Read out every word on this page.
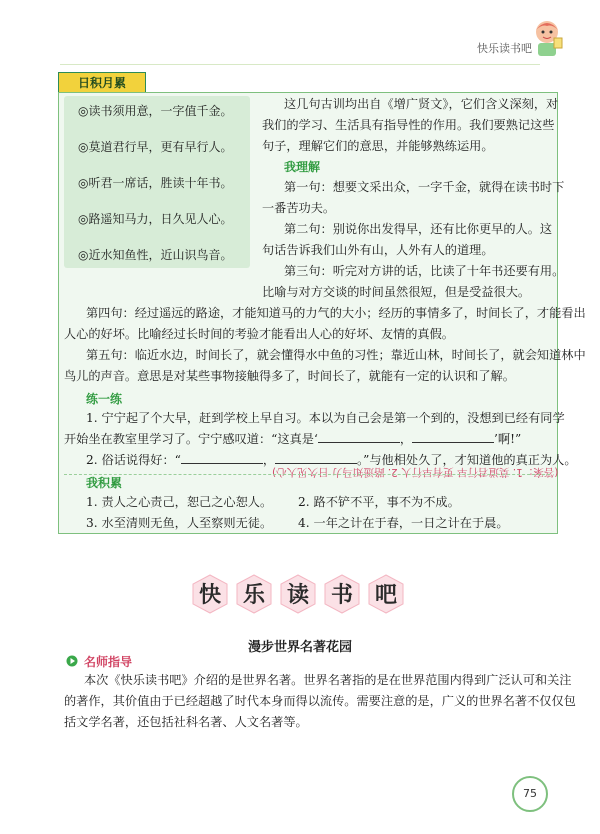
快乐读书吧
日积月累
◎读书须用意，一字值千金。
◎莫道君行早，更有早行人。
◎听君一席话，胜读十年书。
◎路遥知马力，日久见人心。
◎近水知鱼性，近山识鸟音。
这几句古训均出自《增广贤文》，它们含义深刻，对
我们的学习、生活具有指导性的作用。我们要熟记这些
句子，理解它们的意思，并能够熟练运用。
我理解
第一句：想要文采出众，一字千金，就得在读书时下
一番苦功夫。
第二句：别说你出发得早，还有比你更早的人。这
句话告诉我们山外有山，人外有人的道理。
第三句：听完对方讲的话，比读了十年书还要有用。
比喻与对方交谈的时间虽然很短，但是受益很大。
第四句：经过遥远的路途，才能知道马的力气的大小；经历的事情多了，时间长了，才能看出
人心的好坏。比喻经过长时间的考验才能看出人心的好坏、友情的真假。
第五句：临近水边，时间长了，就会懂得水中鱼的习性；靠近山林，时间长了，就会知道林中
鸟儿的声音。意思是对某些事物接触得多了，时间长了，就能有一定的认识和了解。
练一练
1. 宁宁起了个大早，赶到学校上早自习。本以为自己会是第一个到的，没想到已经有同学
开始坐在教室里学习了。宁宁感叹道：“这真是‘	，	’啊!”
2. 俗话说得好：“	，	。”与他相处久了，才知道他的真正为人。
(答案：1. 莫道君行早 更有早行人 2. 路遥知马力 日久见人心)
我积累
1. 责人之心责己，恕己之心恕人。 2. 路不铲不平，事不为不成。
3. 水至清则无鱼，人至察则无徒。 4. 一年之计在于春，一日之计在于晨。
快 乐 读 书 吧
漫步世界名著花园
名师指导
本次《快乐读书吧》介绍的是世界名著。世界名著指的是在世界范围内得到广泛认可和关注
的著作，其价值由于已经超越了时代本身而得以流传。需要注意的是，广义的世界名著不仅仅包
括文学名著，还包括社科名著、人文名著等。
75
